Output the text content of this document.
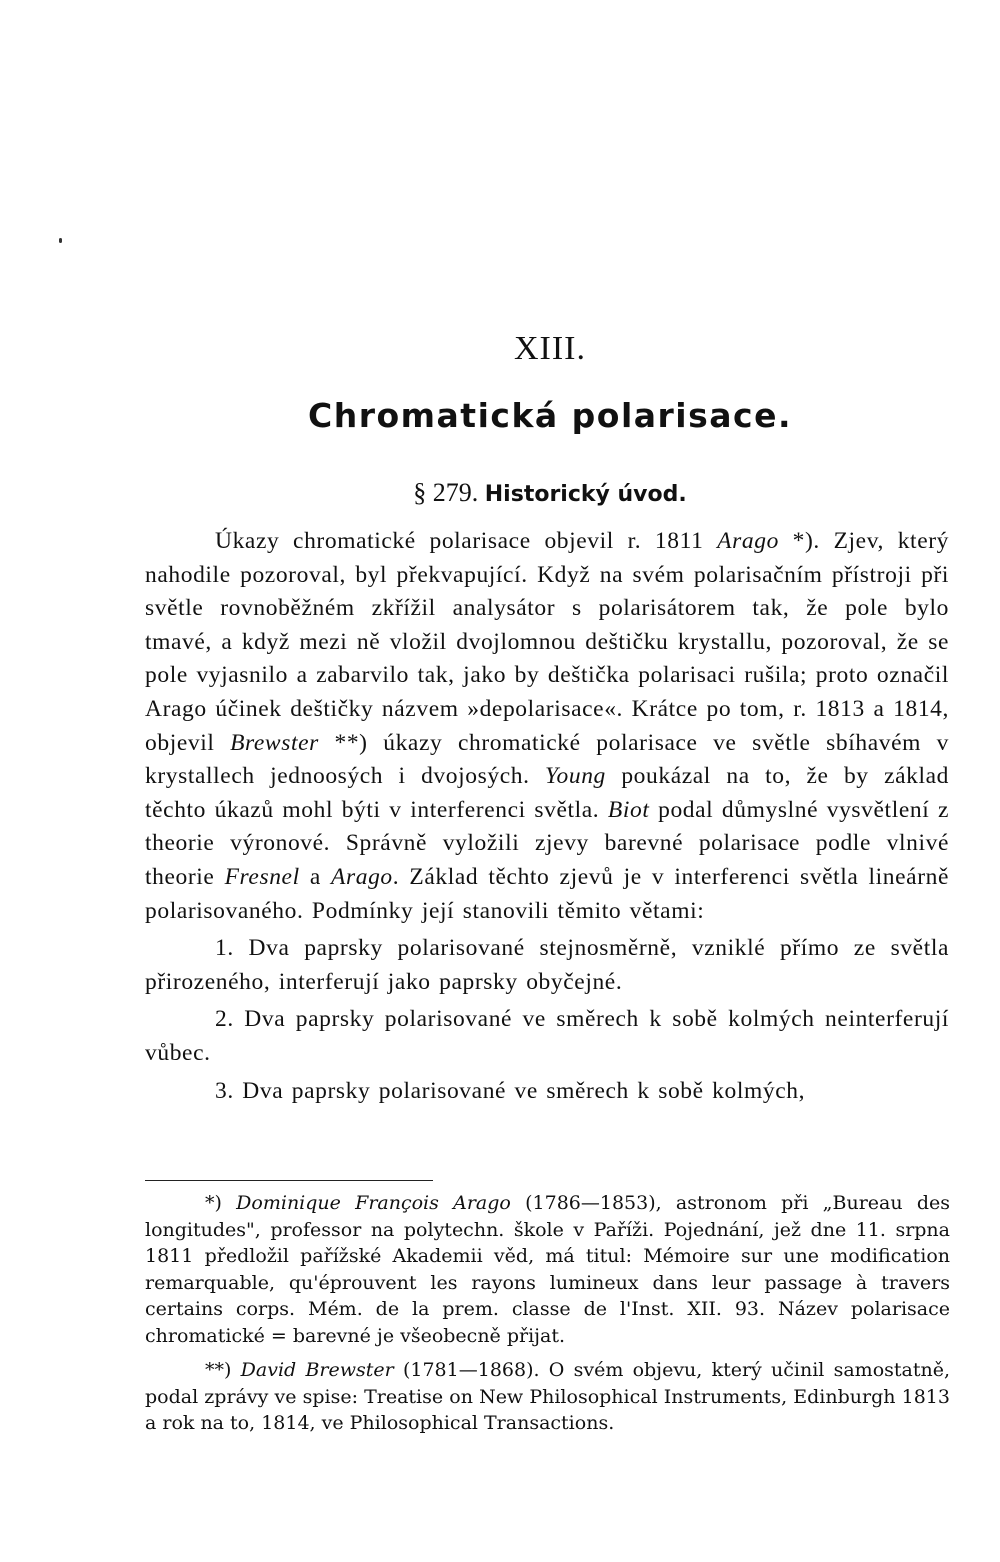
XIII.
Chromatická polarisace.
§ 279. Historický úvod.

Úkazy chromatické polarisace objevil r. 1811 Arago *). Zjev, který nahodile pozoroval, byl překvapující. Když na svém polarisačním přístroji při světle rovnoběžném zkřížil analysátor s polarisátorem tak, že pole bylo tmavé, a když mezi ně vložil dvojlomnou deštičku krystallu, pozoroval, že se pole vyjasnilo a zabarvilo tak, jako by deštička polarisaci rušila; proto označil Arago účinek deštičky názvem »depolarisace«. Krátce po tom, r. 1813 a 1814, objevil Brewster **) úkazy chromatické polarisace ve světle sbíhavém v krystallech jednoosých i dvojosých. Young poukázal na to, že by základ těchto úkazů mohl býti v interferenci světla. Biot podal důmyslné vysvětlení z theorie výronové. Správně vyložili zjevy barevné polarisace podle vlnivé theorie Fresnel a Arago. Základ těchto zjevů je v interferenci světla lineárně polarisovaného. Podmínky její stanovili těmito větami:

1. Dva paprsky polarisované stejnosměrně, vzniklé přímo ze světla přirozeného, interferují jako paprsky obyčejné.

2. Dva paprsky polarisované ve směrech k sobě kolmých neinterferují vůbec.

3. Dva paprsky polarisované ve směrech k sobě kolmých,

*) Dominique François Arago (1786—1853), astronom při „Bureau des longitudes", professor na polytechn. škole v Paříži. Pojednání, jež dne 11. srpna 1811 předložil pařížské Akademii věd, má titul: Mémoire sur une modification remarquable, qu'éprouvent les rayons lumineux dans leur passage à travers certains corps. Mém. de la prem. classe de l'Inst. XII. 93. Název polarisace chromatické = barevné je všeobecně přijat.

**) David Brewster (1781—1868). O svém objevu, který učinil samostatně, podal zprávy ve spise: Treatise on New Philosophical Instruments, Edinburgh 1813 a rok na to, 1814, ve Philosophical Transactions.
